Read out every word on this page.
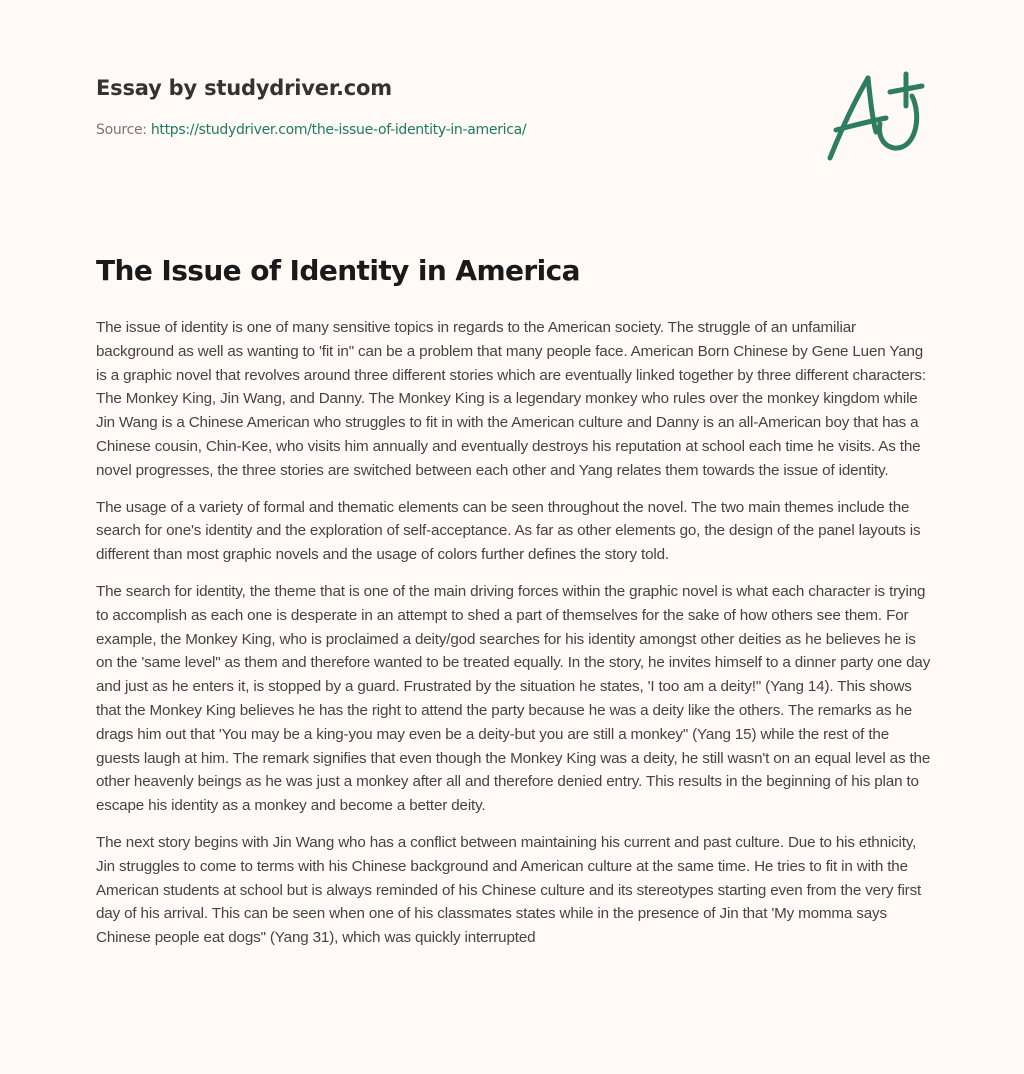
Essay by studydriver.com
Source: https://studydriver.com/the-issue-of-identity-in-america/
The Issue of Identity in America

The issue of identity is one of many sensitive topics in regards to the American society. The struggle of an unfamiliar background as well as wanting to 'fit in" can be a problem that many people face. American Born Chinese by Gene Luen Yang is a graphic novel that revolves around three different stories which are eventually linked together by three different characters: The Monkey King, Jin Wang, and Danny. The Monkey King is a legendary monkey who rules over the monkey kingdom while Jin Wang is a Chinese American who struggles to fit in with the American culture and Danny is an all-American boy that has a Chinese cousin, Chin-Kee, who visits him annually and eventually destroys his reputation at school each time he visits. As the novel progresses, the three stories are switched between each other and Yang relates them towards the issue of identity.

The usage of a variety of formal and thematic elements can be seen throughout the novel. The two main themes include the search for one's identity and the exploration of self-acceptance. As far as other elements go, the design of the panel layouts is different than most graphic novels and the usage of colors further defines the story told.

The search for identity, the theme that is one of the main driving forces within the graphic novel is what each character is trying to accomplish as each one is desperate in an attempt to shed a part of themselves for the sake of how others see them. For example, the Monkey King, who is proclaimed a deity/god searches for his identity amongst other deities as he believes he is on the 'same level" as them and therefore wanted to be treated equally. In the story, he invites himself to a dinner party one day and just as he enters it, is stopped by a guard. Frustrated by the situation he states, 'I too am a deity!" (Yang 14). This shows that the Monkey King believes he has the right to attend the party because he was a deity like the others. The remarks as he drags him out that 'You may be a king-you may even be a deity-but you are still a monkey" (Yang 15) while the rest of the guests laugh at him. The remark signifies that even though the Monkey King was a deity, he still wasn't on an equal level as the other heavenly beings as he was just a monkey after all and therefore denied entry. This results in the beginning of his plan to escape his identity as a monkey and become a better deity.

The next story begins with Jin Wang who has a conflict between maintaining his current and past culture. Due to his ethnicity, Jin struggles to come to terms with his Chinese background and American culture at the same time. He tries to fit in with the American students at school but is always reminded of his Chinese culture and its stereotypes starting even from the very first day of his arrival. This can be seen when one of his classmates states while in the presence of Jin that 'My momma says Chinese people eat dogs" (Yang 31), which was quickly interrupted
